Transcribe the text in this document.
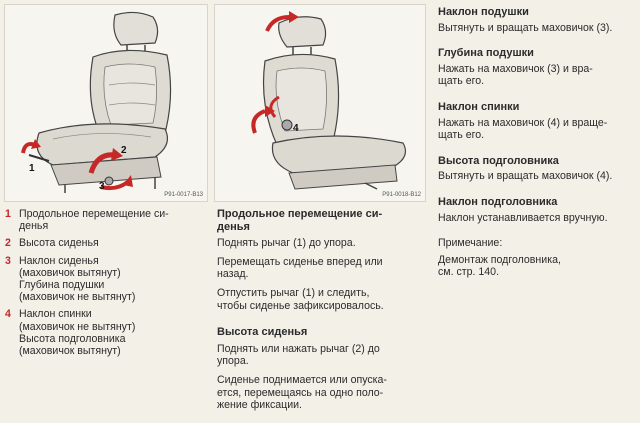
1
2
3
P91-0017-B13
4
P91-0018-B12
1 Продольное перемещение си-
денья
2 Высота сиденья
3 Наклон сиденья
(маховичок вытянут)
Глубина подушки
(маховичок не вытянут)
4 Наклон спинки
(маховичок не вытянут)
Высота подголовника
(маховичок вытянут)
Продольное перемещение си-
денья

Поднять рычаг (1) до упора.

Перемещать сиденье вперед или
назад.

Отпустить рычаг (1) и следить,
чтобы сиденье зафиксировалось.

Высота сиденья

Поднять или нажать рычаг (2) до
упора.

Сиденье поднимается или опуска-
ется, перемещаясь на одно поло-
жение фиксации.

Наклон подушки

Вытянуть и вращать маховичок (3).

Глубина подушки

Нажать на маховичок (3) и вра-
щать его.

Наклон спинки

Нажать на маховичок (4) и враще-
щать его.

Высота подголовника

Вытянуть и вращать маховичок (4).

Наклон подголовника

Наклон устанавливается вручную.

Примечание:

Демонтаж подголовника,
см. стр. 140.
